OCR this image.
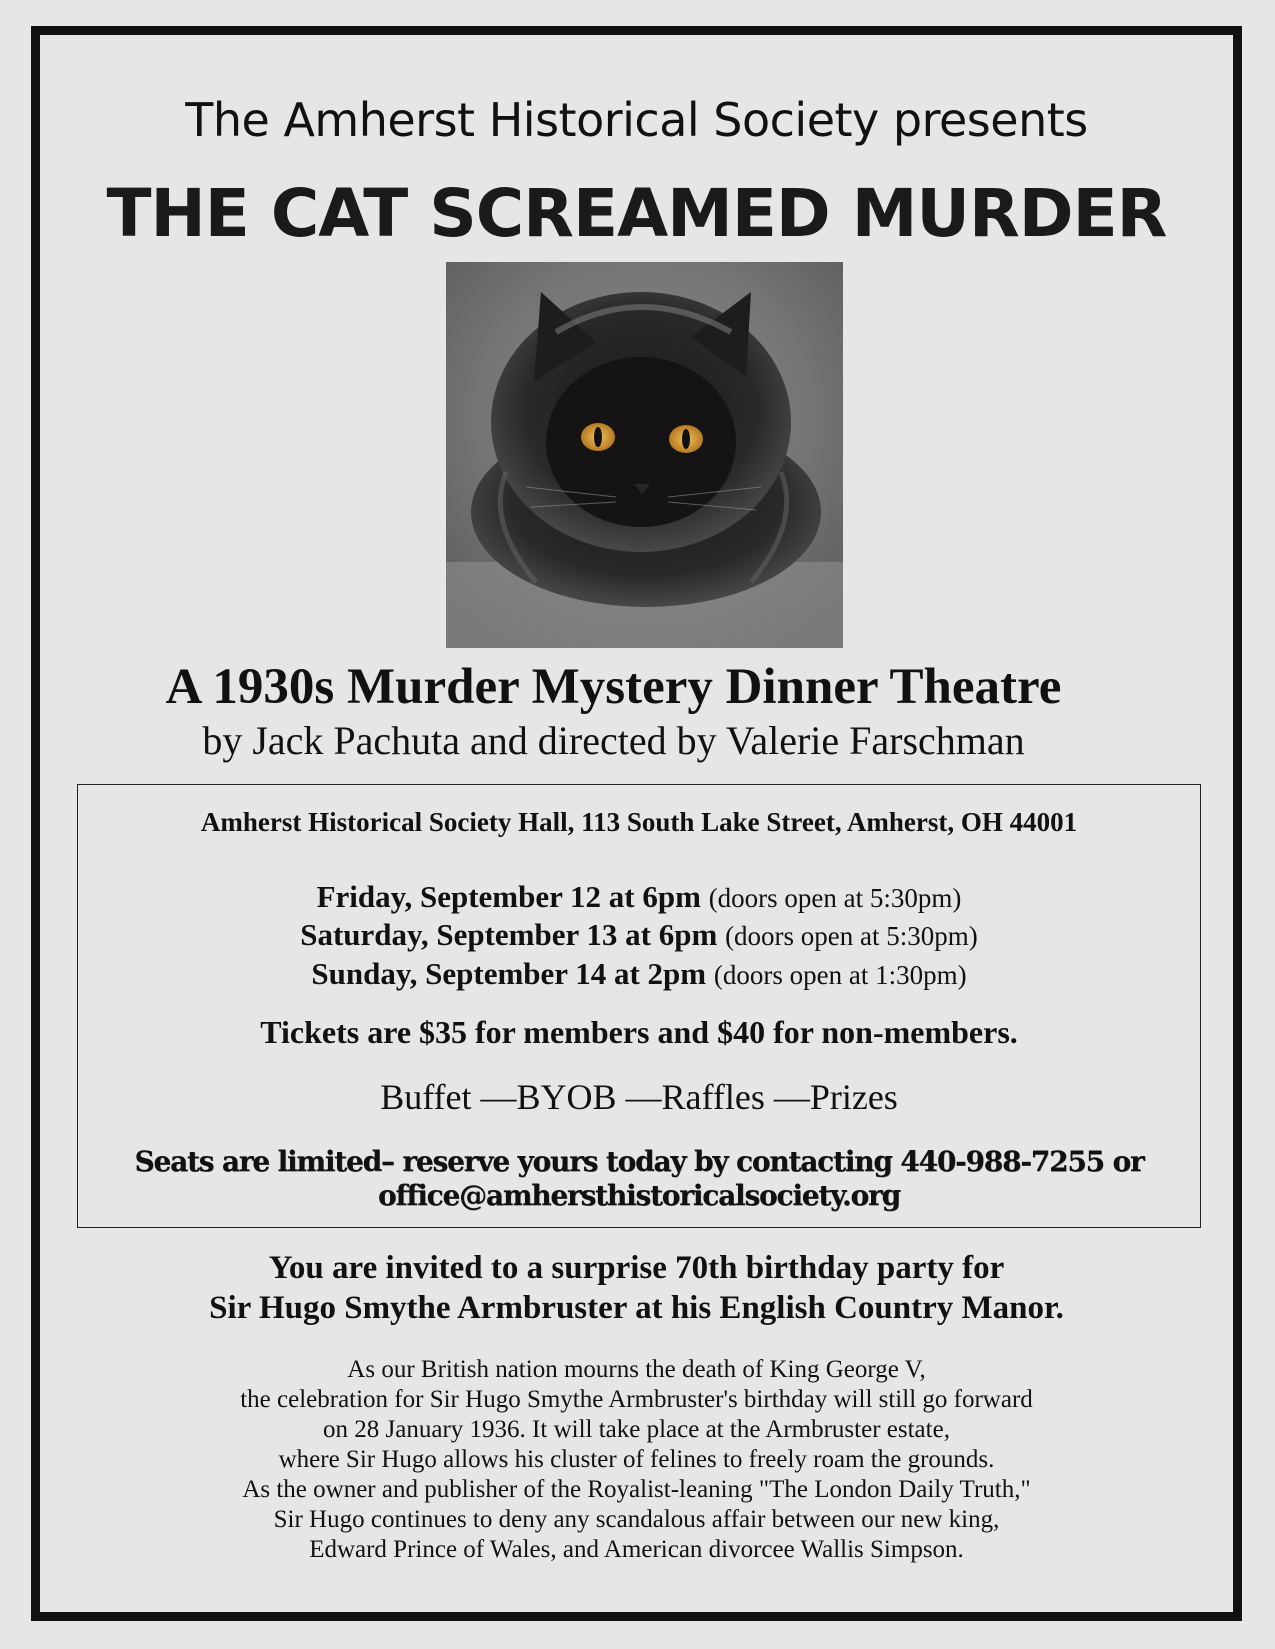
The Amherst Historical Society presents
THE CAT SCREAMED MURDER
A 1930s Murder Mystery Dinner Theatre
by Jack Pachuta and directed by Valerie Farschman
Amherst Historical Society Hall, 113 South Lake Street, Amherst, OH 44001
Friday, September 12 at 6pm (doors open at 5:30pm)
Saturday, September 13 at 6pm (doors open at 5:30pm)
Sunday, September 14 at 2pm (doors open at 1:30pm)
Tickets are $35 for members and $40 for non-members.
Buffet —BYOB —Raffles —Prizes
Seats are limited– reserve yours today by contacting 440-988-7255 or
office@amhersthistoricalsociety.org
You are invited to a surprise 70th birthday party for
Sir Hugo Smythe Armbruster at his English Country Manor.
As our British nation mourns the death of King George V,
the celebration for Sir Hugo Smythe Armbruster's birthday will still go forward
on 28 January 1936. It will take place at the Armbruster estate,
where Sir Hugo allows his cluster of felines to freely roam the grounds.
As the owner and publisher of the Royalist-leaning "The London Daily Truth,"
Sir Hugo continues to deny any scandalous affair between our new king,
Edward Prince of Wales, and American divorcee Wallis Simpson.
